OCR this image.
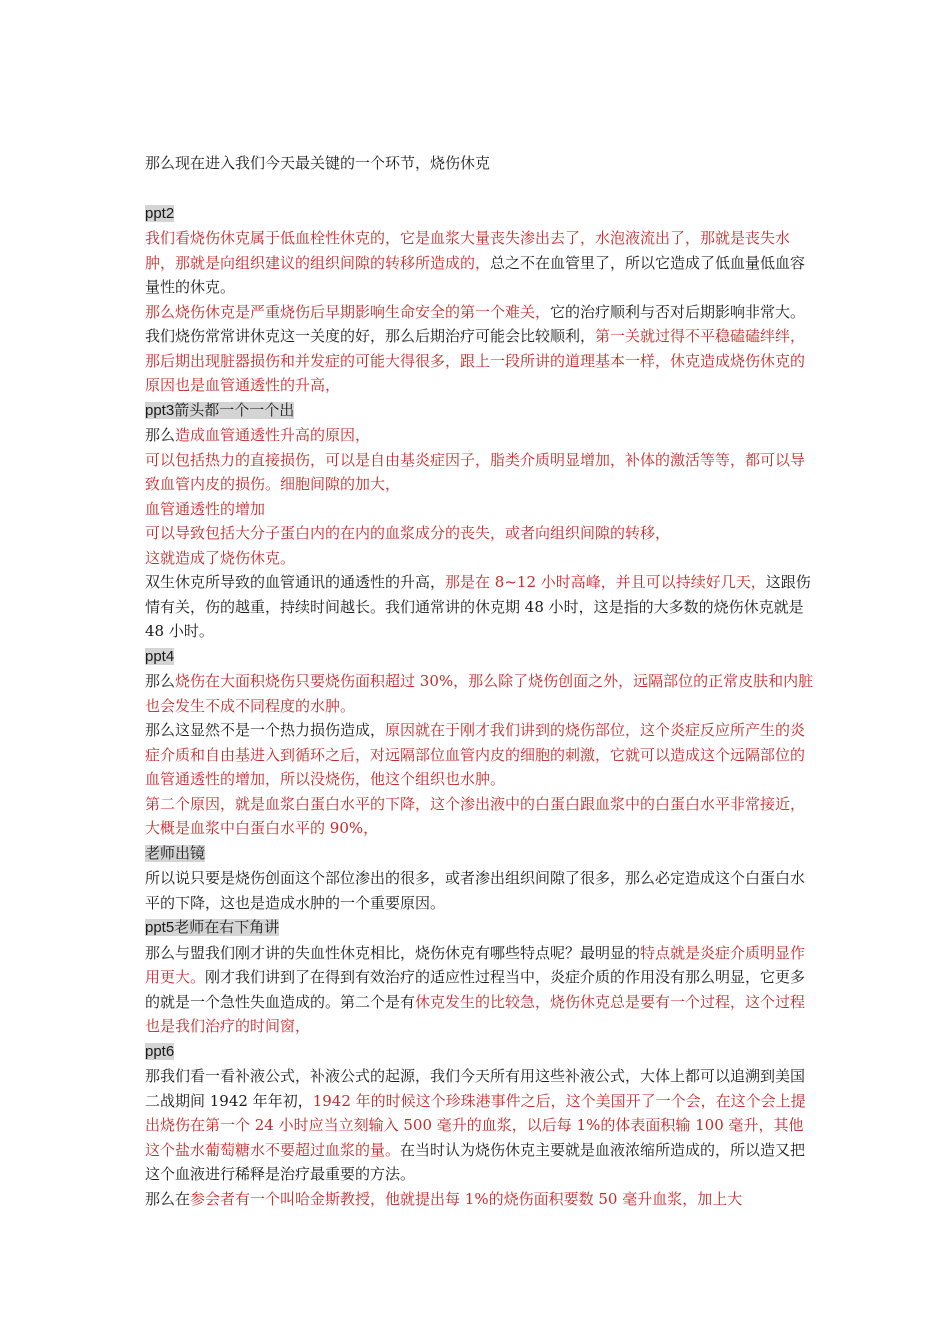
那么现在进入我们今天最关键的一个环节，烧伤休克

ppt2

我们看烧伤休克属于低血栓性休克的，它是血浆大量丧失渗出去了，水泡液流出了，那就是丧失水肿，那就是向组织建议的组织间隙的转移所造成的，总之不在血管里了，所以它造成了低血量低血容量性的休克。

那么烧伤休克是严重烧伤后早期影响生命安全的第一个难关，它的治疗顺利与否对后期影响非常大。我们烧伤常常讲休克这一关度的好，那么后期治疗可能会比较顺利，第一关就过得不平稳磕磕绊绊，那后期出现脏器损伤和并发症的可能大得很多，跟上一段所讲的道理基本一样，休克造成烧伤休克的原因也是血管通透性的升高，

ppt3箭头都一个一个出

那么造成血管通透性升高的原因，

可以包括热力的直接损伤，可以是自由基炎症因子，脂类介质明显增加，补体的激活等等，都可以导致血管内皮的损伤。细胞间隙的加大，

血管通透性的增加

可以导致包括大分子蛋白内的在内的血浆成分的丧失，或者向组织间隙的转移，

这就造成了烧伤休克。

双生休克所导致的血管通讯的通透性的升高，那是在 8~12 小时高峰，并且可以持续好几天，这跟伤情有关，伤的越重，持续时间越长。我们通常讲的休克期 48 小时，这是指的大多数的烧伤休克就是 48 小时。

ppt4

那么烧伤在大面积烧伤只要烧伤面积超过 30%，那么除了烧伤创面之外，远隔部位的正常皮肤和内脏也会发生不成不同程度的水肿。

那么这显然不是一个热力损伤造成，原因就在于刚才我们讲到的烧伤部位，这个炎症反应所产生的炎症介质和自由基进入到循环之后，对远隔部位血管内皮的细胞的刺激，它就可以造成这个远隔部位的血管通透性的增加，所以没烧伤，他这个组织也水肿。

第二个原因，就是血浆白蛋白水平的下降，这个渗出液中的白蛋白跟血浆中的白蛋白水平非常接近，大概是血浆中白蛋白水平的 90%，

老师出镜

所以说只要是烧伤创面这个部位渗出的很多，或者渗出组织间隙了很多，那么必定造成这个白蛋白水平的下降，这也是造成水肿的一个重要原因。

ppt5老师在右下角讲

那么与盟我们刚才讲的失血性休克相比，烧伤休克有哪些特点呢？最明显的特点就是炎症介质明显作用更大。刚才我们讲到了在得到有效治疗的适应性过程当中，炎症介质的作用没有那么明显，它更多的就是一个急性失血造成的。第二个是有休克发生的比较急，烧伤休克总是要有一个过程，这个过程也是我们治疗的时间窗，

ppt6

那我们看一看补液公式，补液公式的起源，我们今天所有用这些补液公式，大体上都可以追溯到美国二战期间 1942 年年初，1942 年的时候这个珍珠港事件之后，这个美国开了一个会，在这个会上提出烧伤在第一个 24 小时应当立刻输入 500 毫升的血浆，以后每 1%的体表面积输 100 毫升，其他这个盐水葡萄糖水不要超过血浆的量。在当时认为烧伤休克主要就是血液浓缩所造成的，所以造又把这个血液进行稀释是治疗最重要的方法。

那么在参会者有一个叫哈金斯教授，他就提出每 1%的烧伤面积要数 50 毫升血浆，加上大
